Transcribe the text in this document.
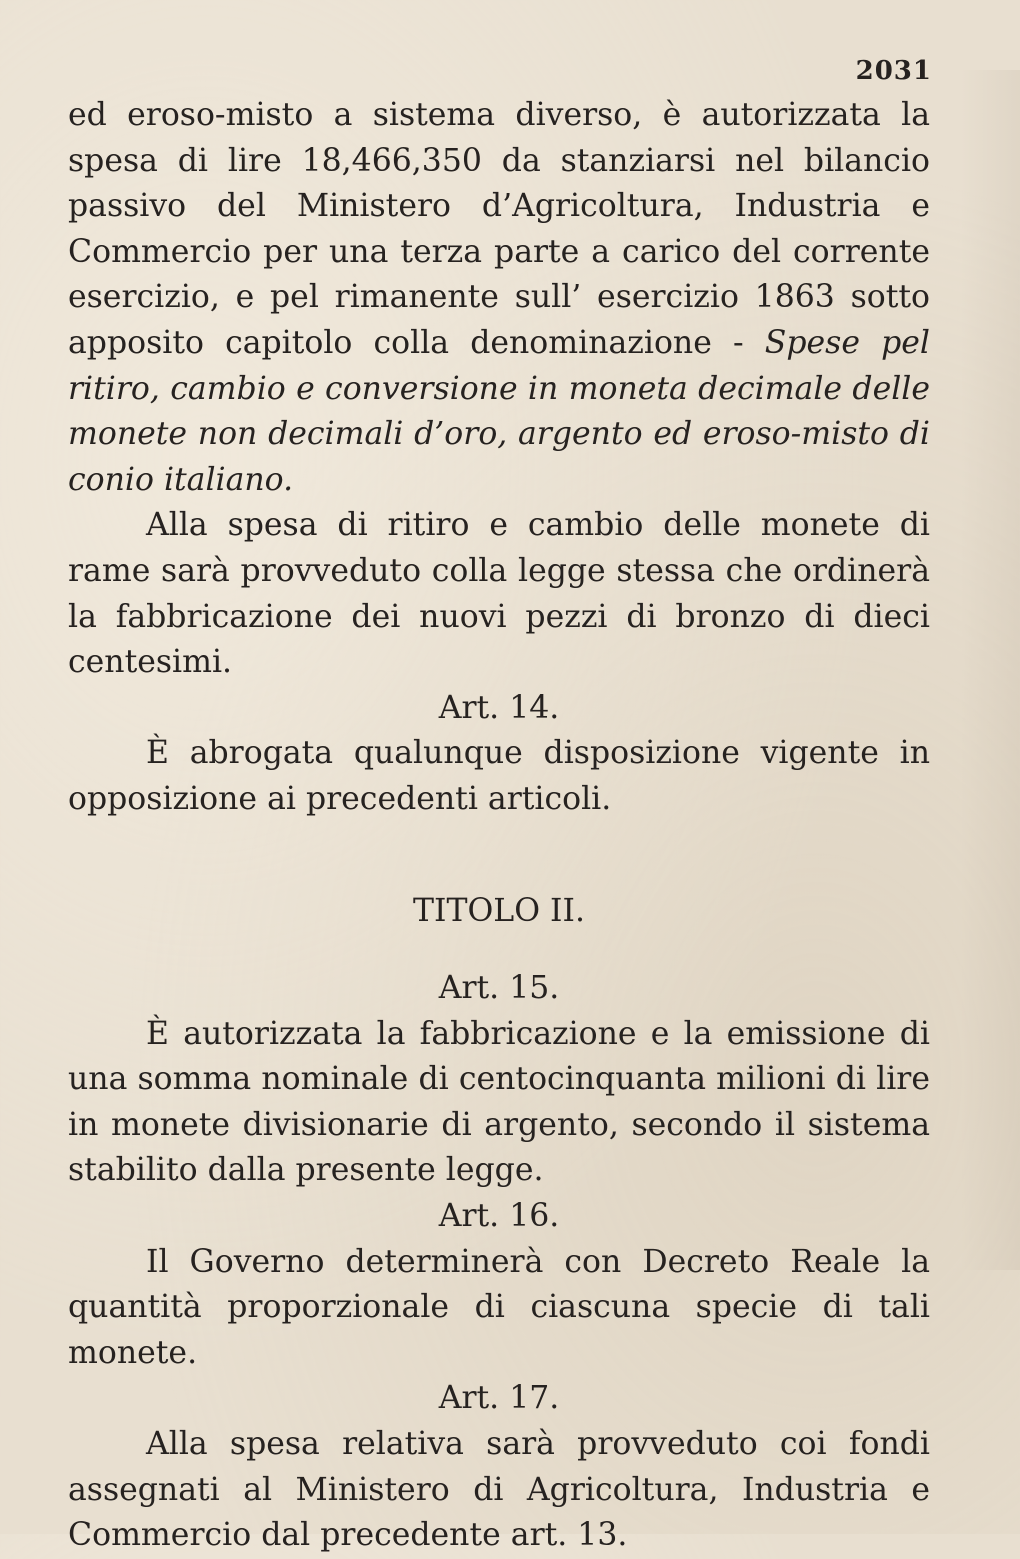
2031

ed eroso-misto a sistema diverso, è autorizzata la spesa di lire 18,466,350 da stanziarsi nel bilancio passivo del Ministero d’Agricoltura, Industria e Commercio per una terza parte a carico del corrente esercizio, e pel rimanente sull’ esercizio 1863 sotto apposito capitolo colla denominazione - Spese pel ritiro, cambio e conversione in moneta decimale delle monete non decimali d’oro, argento ed eroso-misto di conio italiano.

Alla spesa di ritiro e cambio delle monete di rame sarà provveduto colla legge stessa che ordinerà la fabbricazione dei nuovi pezzi di bronzo di dieci centesimi.

Art. 14.

È abrogata qualunque disposizione vigente in opposizione ai precedenti articoli.

TITOLO II.

Art. 15.

È autorizzata la fabbricazione e la emissione di una somma nominale di centocinquanta milioni di lire in monete divisionarie di argento, secondo il sistema stabilito dalla presente legge.

Art. 16.

Il Governo determinerà con Decreto Reale la quantità proporzionale di ciascuna specie di tali monete.

Art. 17.

Alla spesa relativa sarà provveduto coi fondi assegnati al Ministero di Agricoltura, Industria e Commercio dal precedente art. 13.
